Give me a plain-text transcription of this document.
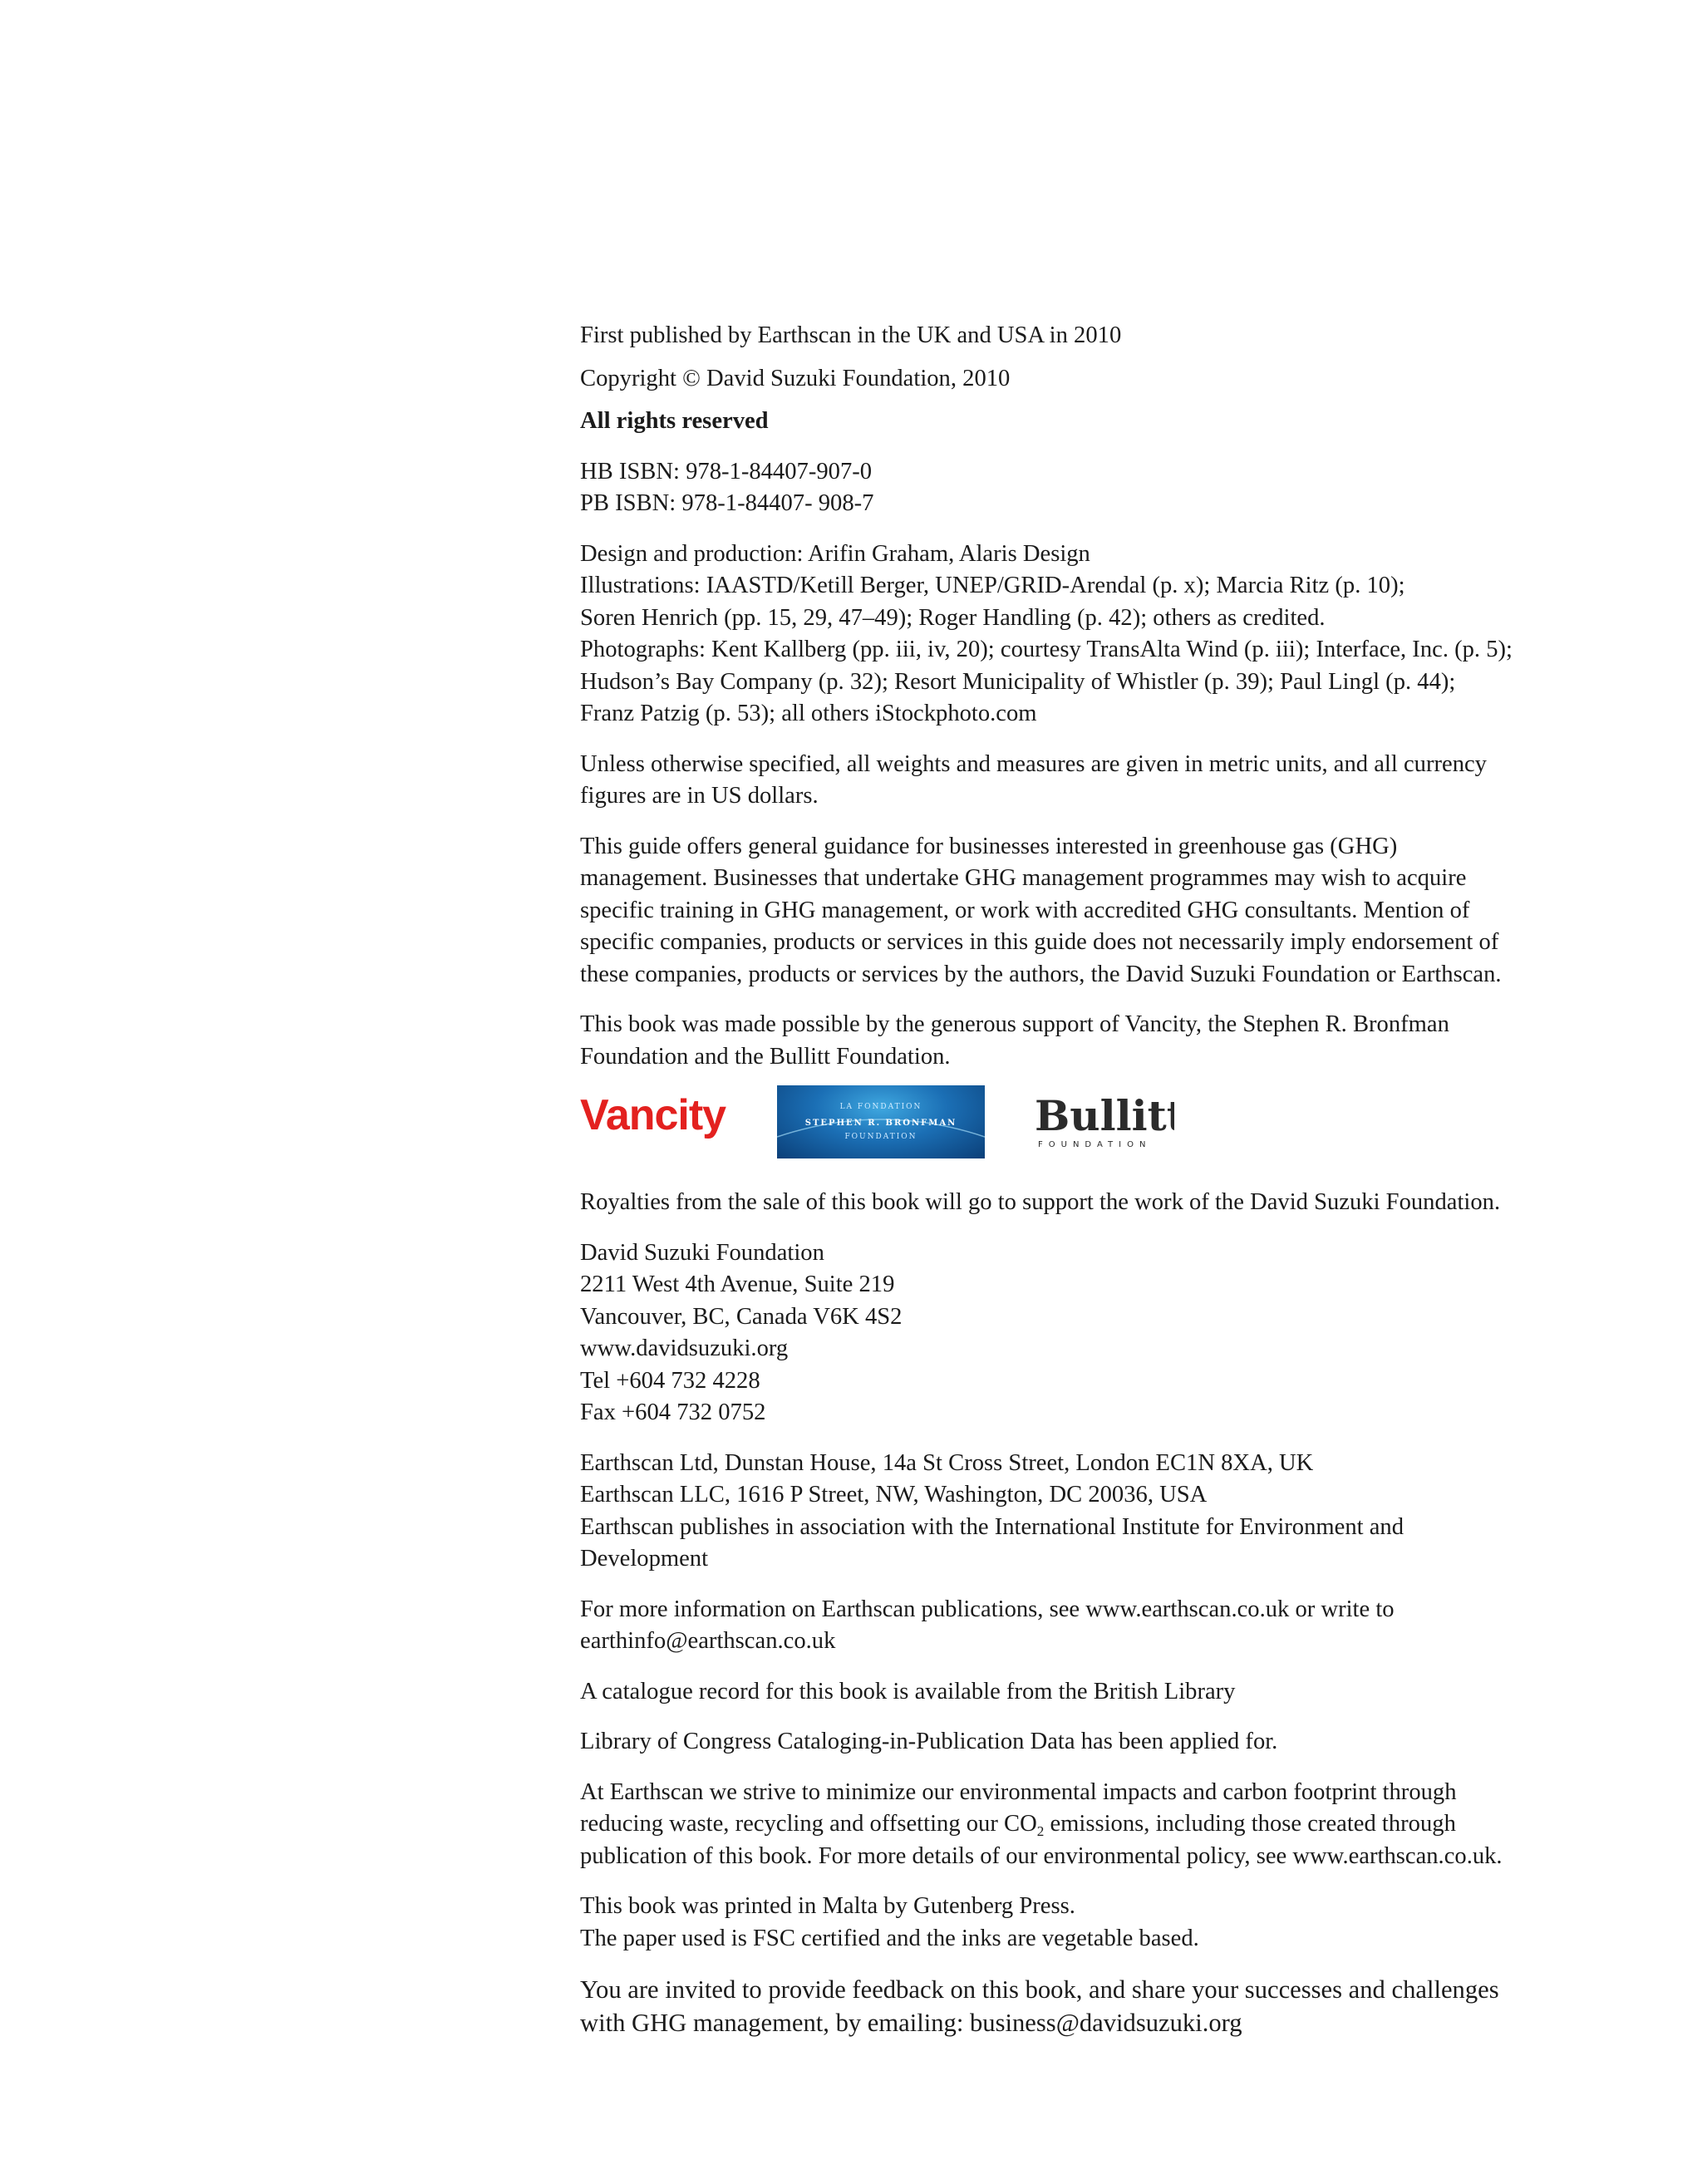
First published by Earthscan in the UK and USA in 2010

Copyright © David Suzuki Foundation, 2010

All rights reserved

HB ISBN: 978-1-84407-907-0

PB ISBN: 978-1-84407- 908-7

Design and production: Arifin Graham, Alaris Design

Illustrations: IAASTD/Ketill Berger, UNEP/GRID-Arendal (p. x); Marcia Ritz (p. 10);

Soren Henrich (pp. 15, 29, 47–49); Roger Handling (p. 42); others as credited.

Photographs: Kent Kallberg (pp. iii, iv, 20); courtesy TransAlta Wind (p. iii); Interface, Inc. (p. 5);

Hudson’s Bay Company (p. 32); Resort Municipality of Whistler (p. 39); Paul Lingl (p. 44);

Franz Patzig (p. 53); all others iStockphoto.com

Unless otherwise specified, all weights and measures are given in metric units, and all currency
figures are in US dollars.

This guide offers general guidance for businesses interested in greenhouse gas (GHG)
management. Businesses that undertake GHG management programmes may wish to acquire
specific training in GHG management, or work with accredited GHG consultants. Mention of
specific companies, products or services in this guide does not necessarily imply endorsement of
these companies, products or services by the authors, the David Suzuki Foundation or Earthscan.

This book was made possible by the generous support of Vancity, the Stephen R. Bronfman
Foundation and the Bullitt Foundation.

Vancity	LA FONDATION
STEPHEN R. BRONFMAN
FOUNDATION	Bullitt
FOUNDATION

Royalties from the sale of this book will go to support the work of the David Suzuki Foundation.

David Suzuki Foundation

2211 West 4th Avenue, Suite 219

Vancouver, BC, Canada V6K 4S2

www.davidsuzuki.org

Tel +604 732 4228

Fax +604 732 0752

Earthscan Ltd, Dunstan House, 14a St Cross Street, London EC1N 8XA, UK

Earthscan LLC, 1616 P Street, NW, Washington, DC 20036, USA

Earthscan publishes in association with the International Institute for Environment and

Development

For more information on Earthscan publications, see www.earthscan.co.uk or write to
earthinfo@earthscan.co.uk

A catalogue record for this book is available from the British Library

Library of Congress Cataloging-in-Publication Data has been applied for.

At Earthscan we strive to minimize our environmental impacts and carbon footprint through

reducing waste, recycling and offsetting our $CO_2$ emissions, including those created through

publication of this book. For more details of our environmental policy, see www.earthscan.co.uk.

This book was printed in Malta by Gutenberg Press.
The paper used is FSC certified and the inks are vegetable based.

You are invited to provide feedback on this book, and share your successes and challenges
with GHG management, by emailing: business@davidsuzuki.org
